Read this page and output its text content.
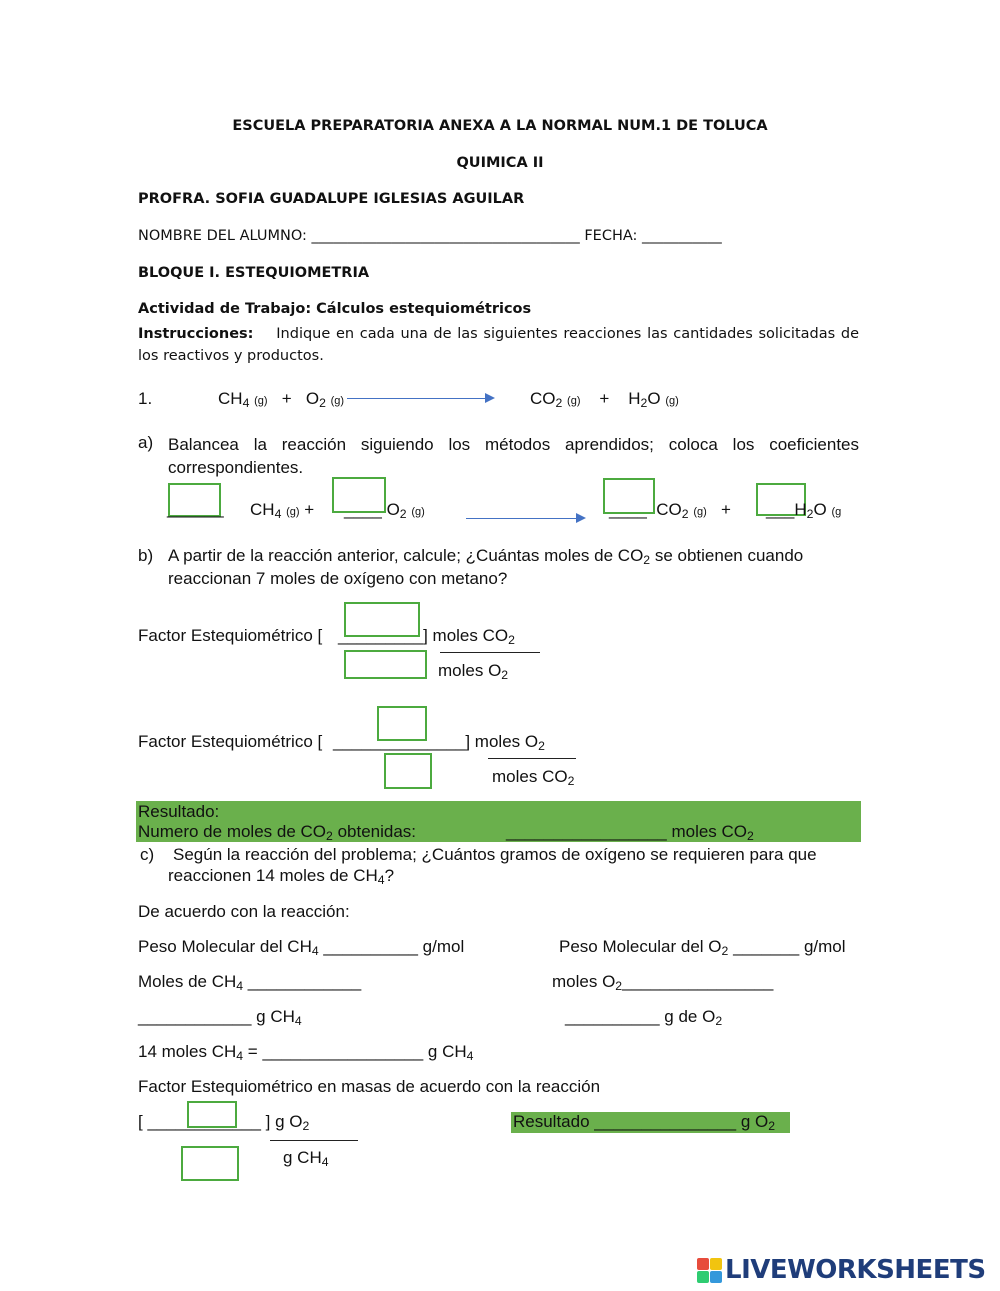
ESCUELA PREPARATORIA ANEXA A LA NORMAL NUM.1 DE TOLUCA
QUIMICA II
PROFRA. SOFIA GUADALUPE IGLESIAS AGUILAR
NOMBRE DEL ALUMNO: _____________________________________ FECHA: ___________
BLOQUE I. ESTEQUIOMETRIA
Actividad de Trabajo: Cálculos estequiométricos
Instrucciones: Indique en cada una de las siguientes reacciones las cantidades solicitadas de los reactivos y productos.
1.	$CH_4$ $(g) + O_2$ (g)	$CO_2$ $(g) + H_2O$ (g)
a) Balancea la reacción siguiendo los métodos aprendidos; coloca los coeficientes correspondientes.
______ $CH_4$ (g) + ____ $O_2$ (g)	____ $CO_2$ $(g) + \_\_\_H_2O$ (g
b) A partir de la reacción anterior, calcule; ¿Cuántas moles de $CO_2$ se obtienen cuando
reaccionan 7 moles de oxígeno con metano?
Factor Estequiométrico [ _________] moles $CO_2$
moles $O_2$
Factor Estequiométrico [ ______________] moles $O_2$
moles $CO_2$
Resultado:
Numero de moles de $CO_2$ obtenidas:	_________________ moles $CO_2$
c) Según la reacción del problema; ¿Cuántos gramos de oxígeno se requieren para que
reaccionen 14 moles de $CH_4$?
De acuerdo con la reacción:
Peso Molecular del $CH_4$ __________ g/mol	Peso Molecular del $O_2$ _______ g/mol
Moles de $CH_4$ ____________	moles $O_2\_\_\_\_\_\_\_\_\_\_\_\_\_\_\_\_$
____________ g $CH_4$	__________ g de $O_2$
14 moles $CH_4$ = _________________ g $CH_4$
Factor Estequiométrico en masas de acuerdo con la reacción
[ ____________ ] g $O_2$
g $CH_4$
Resultado _______________ g $O_2$
LIVEWORKSHEETS
